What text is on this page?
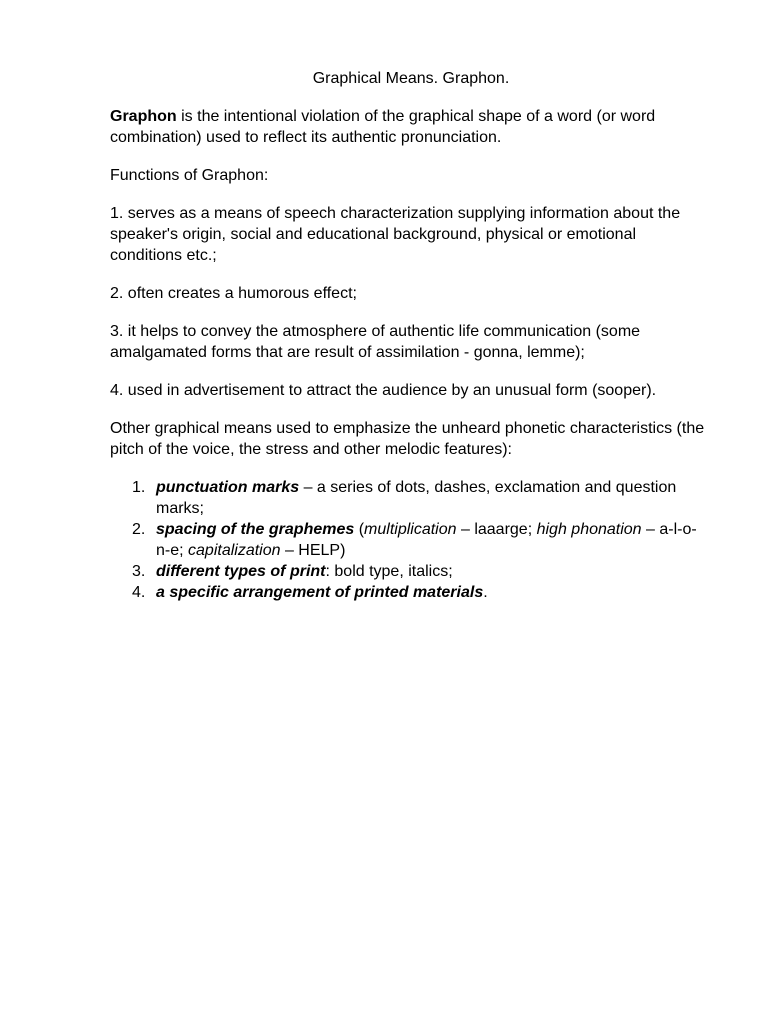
Graphical Means. Graphon.

Graphon is the intentional violation of the graphical shape of a word (or word combination) used to reflect its authentic pronunciation.

Functions of Graphon:

1. serves as a means of speech characterization supplying information about the speaker's origin, social and educational background, physical or emotional conditions etc.;

2. often creates a humorous effect;

3. it helps to convey the atmosphere of authentic life communication (some amalgamated forms that are result of assimilation - gonna, lemme);

4. used in advertisement to attract the audience by an unusual form (sooper).

Other graphical means used to emphasize the unheard phonetic characteristics (the pitch of the voice, the stress and other melodic features):

1. punctuation marks – a series of dots, dashes, exclamation and question marks;
2. spacing of the graphemes (multiplication – laaarge; high phonation – a-l-o-n-e; capitalization – HELP)
3. different types of print: bold type, italics;
4. a specific arrangement of printed materials.
